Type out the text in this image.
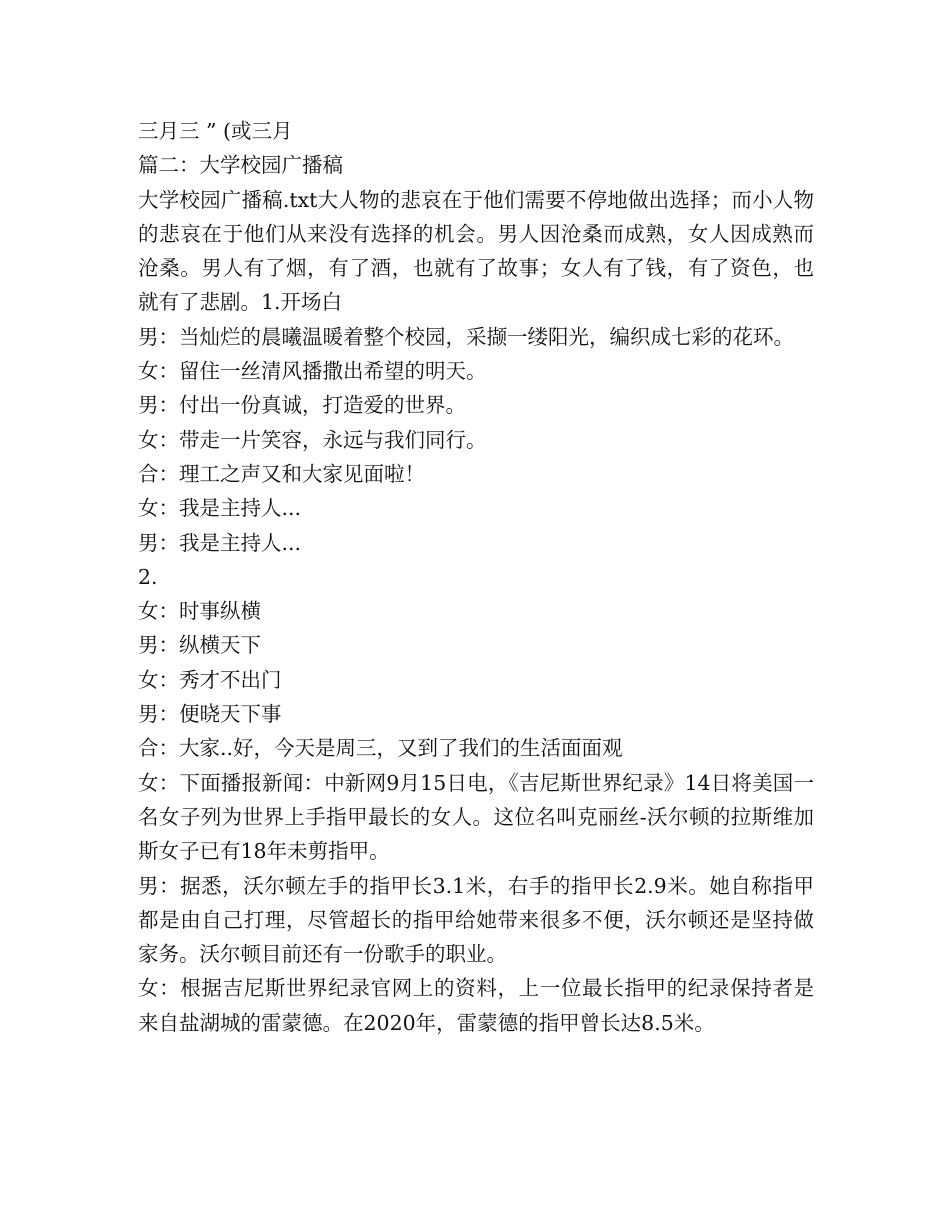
三月三 ” (或三月

篇二：大学校园广播稿

大学校园广播稿.txt大人物的悲哀在于他们需要不停地做出选择；而小人物的悲哀在于他们从来没有选择的机会。男人因沧桑而成熟，女人因成熟而沧桑。男人有了烟，有了酒，也就有了故事；女人有了钱，有了资色，也就有了悲剧。1.开场白

男：当灿烂的晨曦温暖着整个校园，采撷一缕阳光，编织成七彩的花环。

女：留住一丝清风播撒出希望的明天。

男：付出一份真诚，打造爱的世界。

女：带走一片笑容，永远与我们同行。

合：理工之声又和大家见面啦！

女：我是主持人...

男：我是主持人...

2.

女：时事纵横

男：纵横天下

女：秀才不出门

男：便晓天下事

合：大家..好，今天是周三，又到了我们的生活面面观

女：下面播报新闻：中新网9月15日电，《吉尼斯世界纪录》14日将美国一名女子列为世界上手指甲最长的女人。这位名叫克丽丝-沃尔顿的拉斯维加斯女子已有18年未剪指甲。

男：据悉，沃尔顿左手的指甲长3.1米，右手的指甲长2.9米。她自称指甲都是由自己打理，尽管超长的指甲给她带来很多不便，沃尔顿还是坚持做家务。沃尔顿目前还有一份歌手的职业。

女：根据吉尼斯世界纪录官网上的资料，上一位最长指甲的纪录保持者是来自盐湖城的雷蒙德。在2020年，雷蒙德的指甲曾长达8.5米。
